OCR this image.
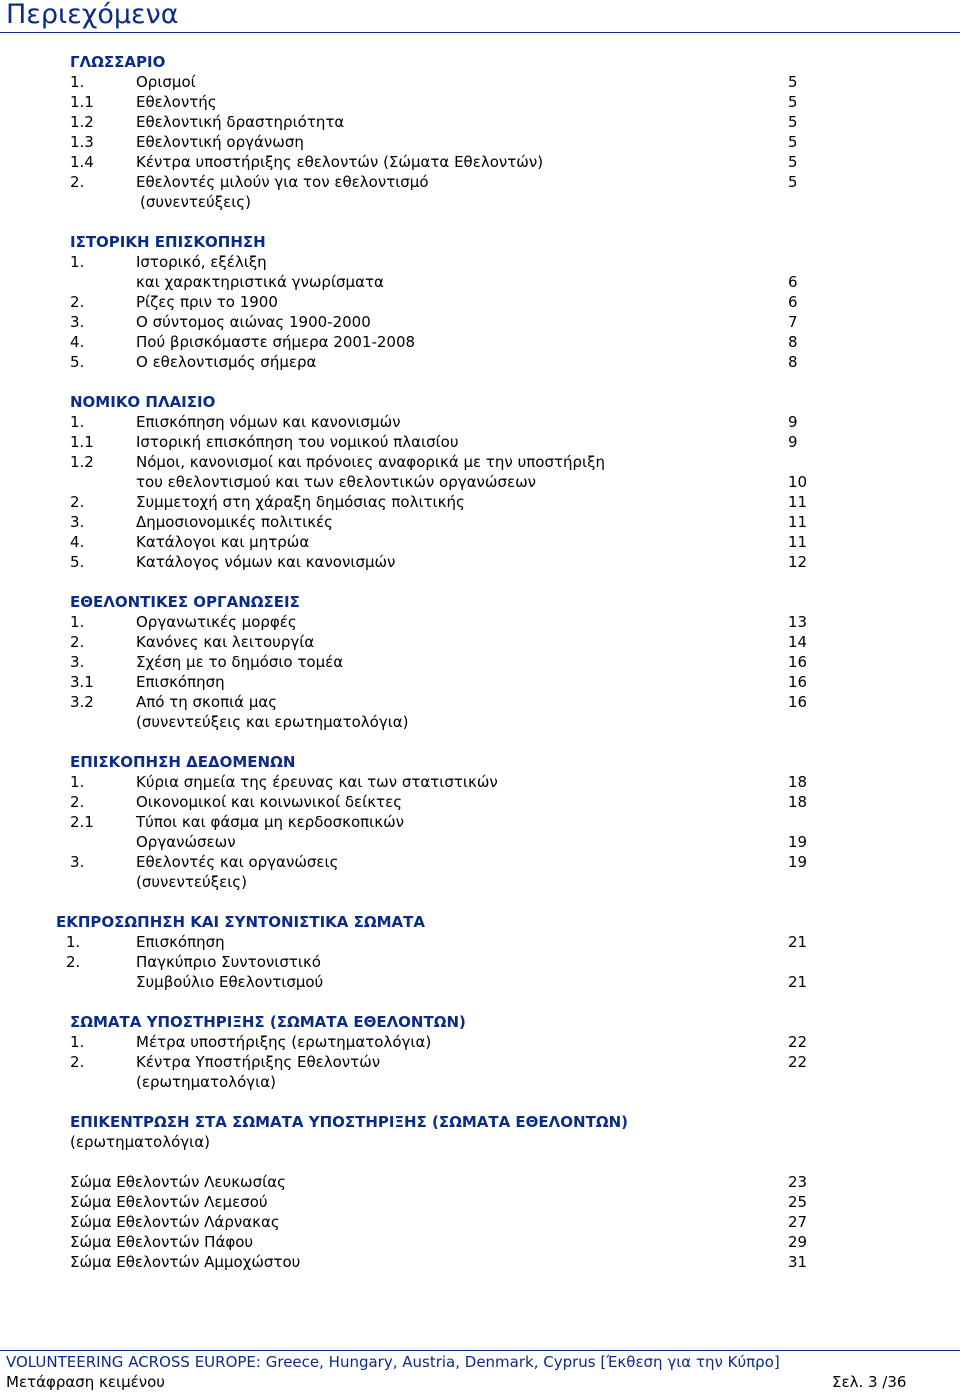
Περιεχόμενα
ΓΛΩΣΣΑΡΙΟ
1.	Ορισμοί	5
1.1	Εθελοντής	5
1.2	Εθελοντική δραστηριότητα	5
1.3	Εθελοντική οργάνωση	5
1.4	Κέντρα υποστήριξης εθελοντών (Σώματα Εθελοντών)	5
2.	Εθελοντές μιλούν για τον εθελοντισμό	5
(συνεντεύξεις)
ΙΣΤΟΡΙΚΗ ΕΠΙΣΚΟΠΗΣΗ
1.	Ιστορικό, εξέλιξη
και χαρακτηριστικά γνωρίσματα	6
2.	Ρίζες πριν το 1900	6
3.	Ο σύντομος αιώνας 1900-2000	7
4.	Πού βρισκόμαστε σήμερα 2001-2008	8
5.	Ο εθελοντισμός σήμερα	8
ΝΟΜΙΚΟ ΠΛΑΙΣΙΟ
1.	Επισκόπηση νόμων και κανονισμών	9
1.1	Ιστορική επισκόπηση του νομικού πλαισίου	9
1.2	Νόμοι, κανονισμοί και πρόνοιες αναφορικά με την υποστήριξη
του εθελοντισμού και των εθελοντικών οργανώσεων	10
2.	Συμμετοχή στη χάραξη δημόσιας πολιτικής	11
3.	Δημοσιονομικές πολιτικές	11
4.	Κατάλογοι και μητρώα	11
5.	Κατάλογος νόμων και κανονισμών	12
ΕΘΕΛΟΝΤΙΚΕΣ ΟΡΓΑΝΩΣΕΙΣ
1.	Οργανωτικές μορφές	13
2.	Κανόνες και λειτουργία	14
3.	Σχέση με το δημόσιο τομέα	16
3.1	Επισκόπηση	16
3.2	Από τη σκοπιά μας	16
(συνεντεύξεις και ερωτηματολόγια)
ΕΠΙΣΚΟΠΗΣΗ ΔΕΔΟΜΕΝΩΝ
1.	Κύρια σημεία της έρευνας και των στατιστικών	18
2.	Οικονομικοί και κοινωνικοί δείκτες	18
2.1	Τύποι και φάσμα μη κερδοσκοπικών
Οργανώσεων	19
3.	Εθελοντές και οργανώσεις	19
(συνεντεύξεις)
ΕΚΠΡΟΣΩΠΗΣΗ ΚΑΙ ΣΥΝΤΟΝΙΣΤΙΚΑ ΣΩΜΑΤΑ
1.	Επισκόπηση	21
2.	Παγκύπριο Συντονιστικό
Συμβούλιο Εθελοντισμού	21
ΣΩΜΑΤΑ ΥΠΟΣΤΗΡΙΞΗΣ (ΣΩΜΑΤΑ ΕΘΕΛΟΝΤΩΝ)
1.	Μέτρα υποστήριξης (ερωτηματολόγια)	22
2.	Κέντρα Υποστήριξης Εθελοντών	22
(ερωτηματολόγια)
ΕΠΙΚΕΝΤΡΩΣΗ ΣΤΑ ΣΩΜΑΤΑ ΥΠΟΣΤΗΡΙΞΗΣ (ΣΩΜΑΤΑ ΕΘΕΛΟΝΤΩΝ)
(ερωτηματολόγια)
Σώμα Εθελοντών Λευκωσίας	23
Σώμα Εθελοντών Λεμεσού	25
Σώμα Εθελοντών Λάρνακας	27
Σώμα Εθελοντών Πάφου	29
Σώμα Εθελοντών Αμμοχώστου	31
VOLUNTEERING ACROSS EUROPE: Greece, Hungary, Austria, Denmark, Cyprus [Έκθεση για την Κύπρο]
Μετάφραση κειμένου	Σελ. 3 /36
